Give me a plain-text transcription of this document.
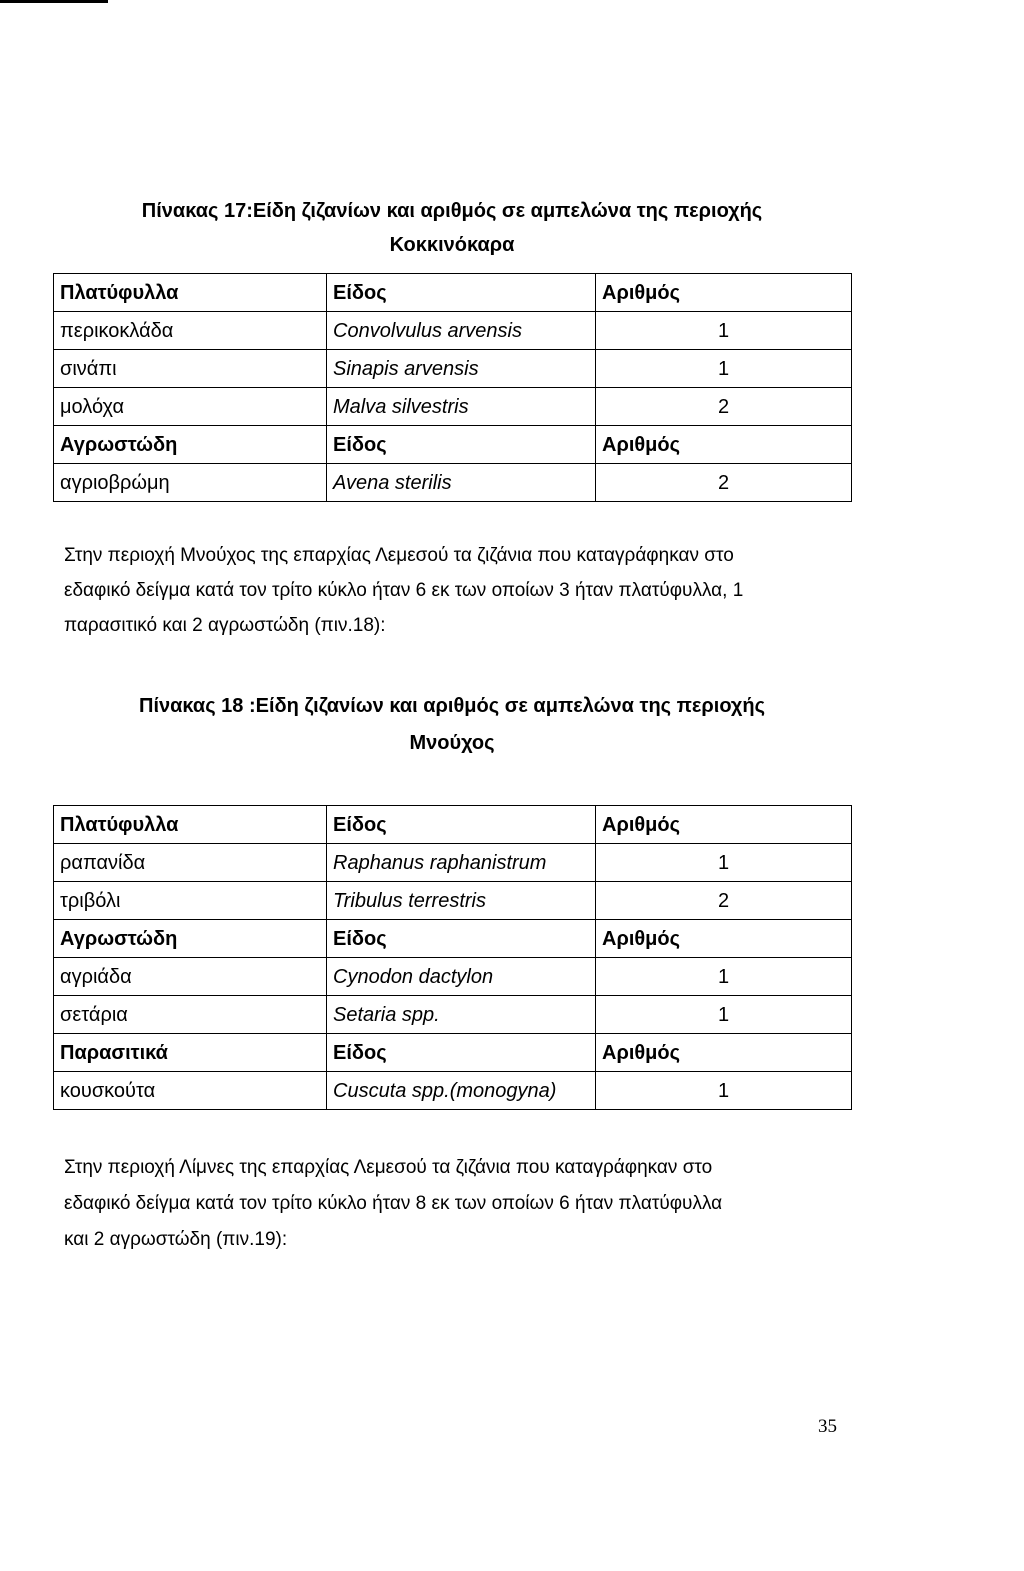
Πίνακας 17:Είδη ζιζανίων και αριθμός σε αμπελώνα της περιοχής
Κοκκινόκαρα
Πλατύφυλλα	Είδος	Αριθμός
περικοκλάδα	Convolvulus arvensis	1
σινάπι	Sinapis arvensis	1
μολόχα	Malva silvestris	2
Αγρωστώδη	Είδος	Αριθμός
αγριοβρώμη	Avena sterilis	2
Στην περιοχή Μνούχος της επαρχίας Λεμεσού τα ζιζάνια που καταγράφηκαν στο
εδαφικό δείγμα κατά τον τρίτο κύκλο ήταν 6 εκ των οποίων 3 ήταν πλατύφυλλα, 1
παρασιτικό και 2 αγρωστώδη (πιν.18):
Πίνακας 18 :Είδη ζιζανίων και αριθμός σε αμπελώνα της περιοχής
Μνούχος
Πλατύφυλλα	Είδος	Αριθμός
ραπανίδα	Raphanus raphanistrum	1
τριβόλι	Tribulus terrestris	2
Αγρωστώδη	Είδος	Αριθμός
αγριάδα	Cynodon dactylon	1
σετάρια	Setaria spp.	1
Παρασιτικά	Είδος	Αριθμός
κουσκούτα	Cuscuta spp.(monogyna)	1
Στην περιοχή Λίμνες της επαρχίας Λεμεσού τα ζιζάνια που καταγράφηκαν στο
εδαφικό δείγμα κατά τον τρίτο κύκλο ήταν 8 εκ των οποίων 6 ήταν πλατύφυλλα
και 2 αγρωστώδη (πιν.19):
35
